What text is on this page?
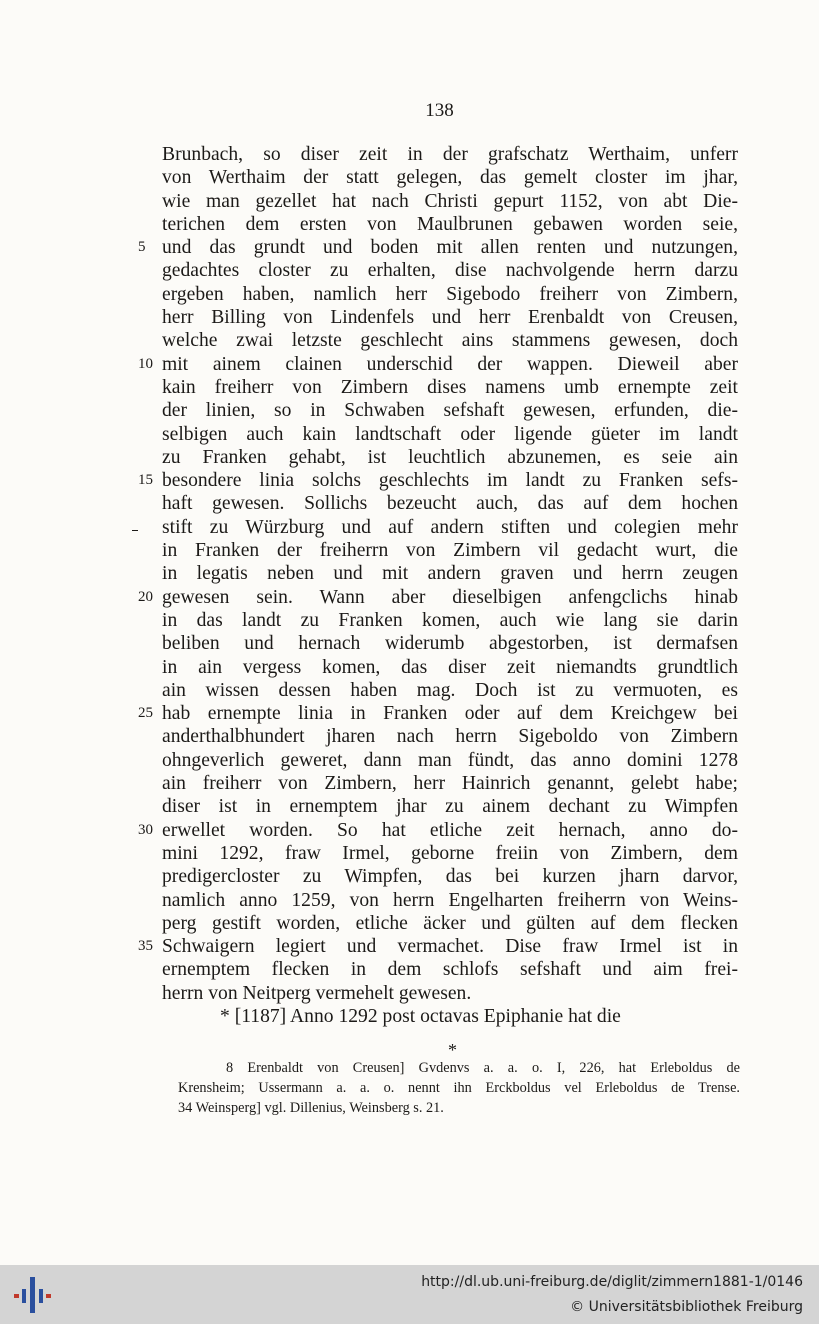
138
Brunbach, so diser zeit in der grafschatz Werthaim, unferr
von Werthaim der statt gelegen, das gemelt closter im jhar,
wie man gezellet hat nach Christi gepurt 1152, von abt Die-
terichen dem ersten von Maulbrunen gebawen worden seie,
5 und das grundt und boden mit allen renten und nutzungen,
gedachtes closter zu erhalten, dise nachvolgende herrn darzu
ergeben haben, namlich herr Sigebodo freiherr von Zimbern,
herr Billing von Lindenfels und herr Erenbaldt von Creusen,
welche zwai letzste geschlecht ains stammens gewesen, doch
10 mit ainem clainen underschid der wappen. Dieweil aber
kain freiherr von Zimbern dises namens umb ernempte zeit
der linien, so in Schwaben sefshaft gewesen, erfunden, die-
selbigen auch kain landtschaft oder ligende güeter im landt
zu Franken gehabt, ist leuchtlich abzunemen, es seie ain
15 besondere linia solchs geschlechts im landt zu Franken sefs-
haft gewesen. Sollichs bezeucht auch, das auf dem hochen
stift zu Würzburg und auf andern stiften und colegien mehr
in Franken der freiherrn von Zimbern vil gedacht wurt, die
in legatis neben und mit andern graven und herrn zeugen
20 gewesen sein. Wann aber dieselbigen anfengclichs hinab
in das landt zu Franken komen, auch wie lang sie darin
beliben und hernach widerumb abgestorben, ist dermafsen
in ain vergess komen, das diser zeit niemandts grundtlich
ain wissen dessen haben mag. Doch ist zu vermuoten, es
25 hab ernempte linia in Franken oder auf dem Kreichgew bei
anderthalbhundert jharen nach herrn Sigeboldo von Zimbern
ohngeverlich geweret, dann man fündt, das anno domini 1278
ain freiherr von Zimbern, herr Hainrich genannt, gelebt habe;
diser ist in ernemptem jhar zu ainem dechant zu Wimpfen
30 erwellet worden. So hat etliche zeit hernach, anno do-
mini 1292, fraw Irmel, geborne freiin von Zimbern, dem
predigercloster zu Wimpfen, das bei kurzen jharn darvor,
namlich anno 1259, von herrn Engelharten freiherrn von Weins-
perg gestift worden, etliche äcker und gülten auf dem flecken
35 Schwaigern legiert und vermachet. Dise fraw Irmel ist in
ernemptem flecken in dem schlofs sefshaft und aim frei-
herrn von Neitperg vermehelt gewesen.
* [1187] Anno 1292 post octavas Epiphanie hat die
*
8 Erenbaldt von Creusen] Gvdenvs a. a. o. I, 226, hat Erleboldus de
Krensheim; Ussermann a. a. o. nennt ihn Erckboldus vel Erleboldus de Trense.
34 Weinsperg] vgl. Dillenius, Weinsberg s. 21.
http://dl.ub.uni-freiburg.de/diglit/zimmern1881-1/0146
© Universitätsbibliothek Freiburg
